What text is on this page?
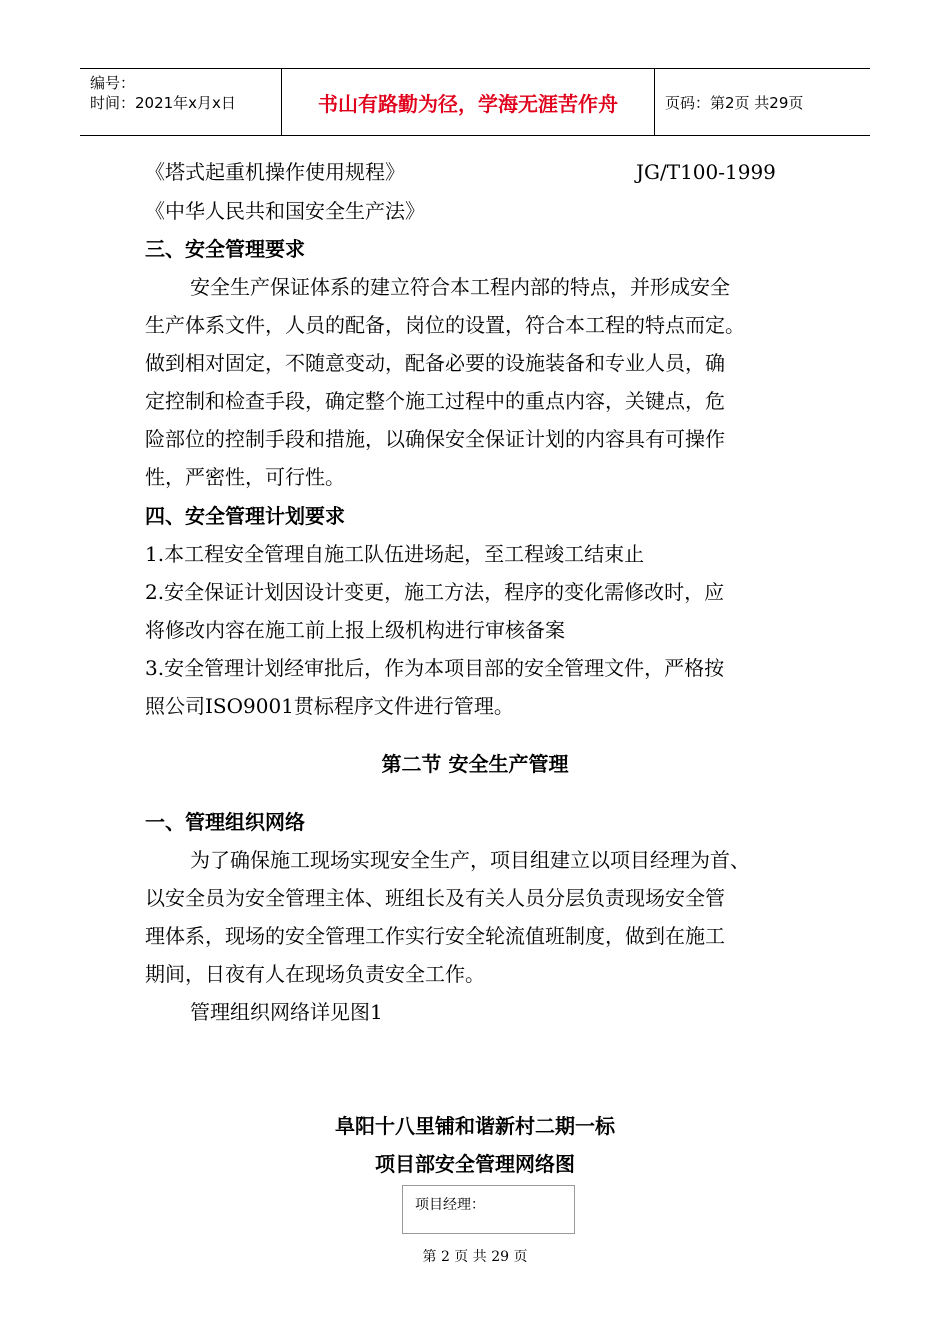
编号：
时间：2021年x月x日	书山有路勤为径，学海无涯苦作舟	页码：第2页 共29页
《塔式起重机操作使用规程》	JG/T100-1999
《中华人民共和国安全生产法》
三、安全管理要求
安全生产保证体系的建立符合本工程内部的特点，并形成安全
生产体系文件，人员的配备，岗位的设置，符合本工程的特点而定。
做到相对固定，不随意变动，配备必要的设施装备和专业人员，确
定控制和检查手段，确定整个施工过程中的重点内容，关键点，危
险部位的控制手段和措施，以确保安全保证计划的内容具有可操作
性，严密性，可行性。
四、安全管理计划要求
1.本工程安全管理自施工队伍进场起，至工程竣工结束止
2.安全保证计划因设计变更，施工方法，程序的变化需修改时，应
将修改内容在施工前上报上级机构进行审核备案
3.安全管理计划经审批后，作为本项目部的安全管理文件，严格按
照公司ISO9001贯标程序文件进行管理。
第二节 安全生产管理
一、管理组织网络
为了确保施工现场实现安全生产，项目组建立以项目经理为首、
以安全员为安全管理主体、班组长及有关人员分层负责现场安全管
理体系，现场的安全管理工作实行安全轮流值班制度，做到在施工
期间，日夜有人在现场负责安全工作。
管理组织网络详见图1
阜阳十八里铺和谐新村二期一标
项目部安全管理网络图
项目经理：
第 2 页 共 29 页
